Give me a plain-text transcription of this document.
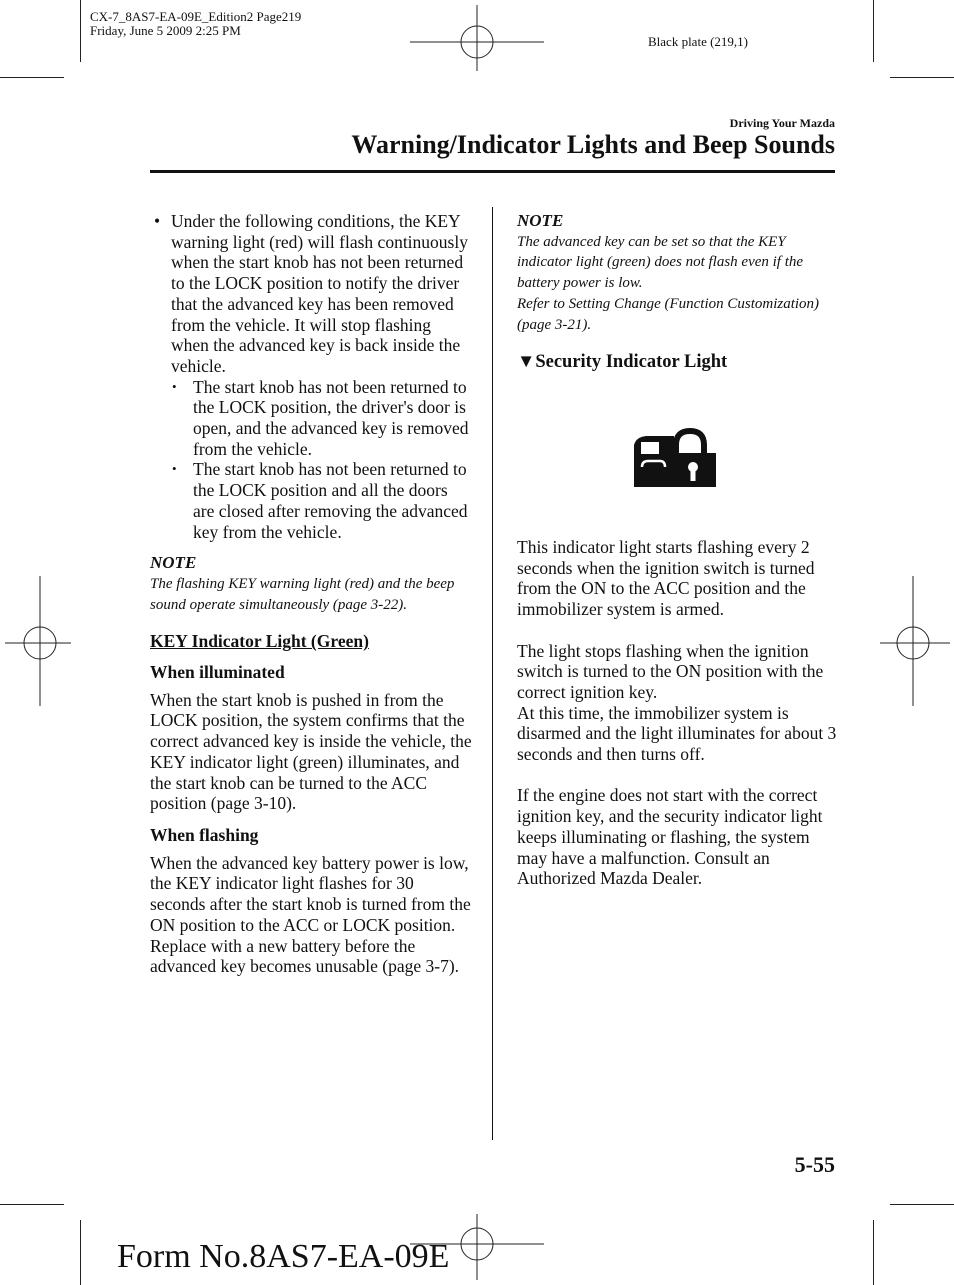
CX-7_8AS7-EA-09E_Edition2 Page219
Friday, June 5 2009 2:25 PM
Black plate (219,1)
Driving Your Mazda
Warning/Indicator Lights and Beep Sounds
• Under the following conditions, the KEY warning light (red) will flash continuously when the start knob has not been returned to the LOCK position to notify the driver that the advanced key has been removed from the vehicle. It will stop flashing when the advanced key is back inside the vehicle.
• The start knob has not been returned to the LOCK position, the driver's door is open, and the advanced key is removed from the vehicle.
• The start knob has not been returned to the LOCK position and all the doors are closed after removing the advanced key from the vehicle.

NOTE

The flashing KEY warning light (red) and the beep sound operate simultaneously (page 3-22).

KEY Indicator Light (Green)

When illuminated

When the start knob is pushed in from the LOCK position, the system confirms that the correct advanced key is inside the vehicle, the KEY indicator light (green) illuminates, and the start knob can be turned to the ACC position (page 3-10).

When flashing

When the advanced key battery power is low, the KEY indicator light flashes for 30 seconds after the start knob is turned from the ON position to the ACC or LOCK position. Replace with a new battery before the advanced key becomes unusable (page 3-7).

NOTE

The advanced key can be set so that the KEY indicator light (green) does not flash even if the battery power is low.

Refer to Setting Change (Function Customization)(page 3-21).

▼Security Indicator Light

This indicator light starts flashing every 2 seconds when the ignition switch is turned from the ON to the ACC position and the immobilizer system is armed.

The light stops flashing when the ignition switch is turned to the ON position with the correct ignition key.

At this time, the immobilizer system is disarmed and the light illuminates for about 3 seconds and then turns off.

If the engine does not start with the correct ignition key, and the security indicator light keeps illuminating or flashing, the system may have a malfunction. Consult an Authorized Mazda Dealer.

5-55
Form No.8AS7-EA-09E
